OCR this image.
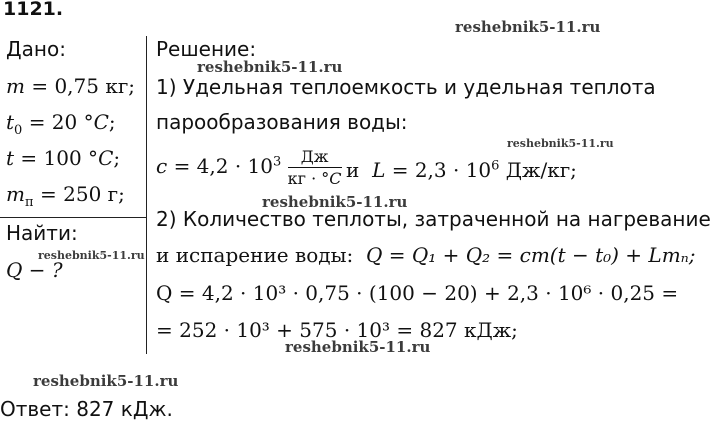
1121.
reshebnik5-11.ru
reshebnik5-11.ru
reshebnik5-11.ru
reshebnik5-11.ru
reshebnik5-11.ru
reshebnik5-11.ru
reshebnik5-11.ru
Дано:
m = 0,75 кг;
$t_0 = 20$ °C;
t = 100 °C;
$m_п = 250$ г;
Найти:
Q − ?
Решение:
1) Удельная теплоемкость и удельная теплота
парообразования воды:
$c = 4,2 \cdot 10^3 \frac{Дж}{кг \cdot ^\circ C}$ и $L = 2,3 \cdot 10^6$ Дж/кг;
2) Количество теплоты, затраченной на нагревание
и испарение воды: Q = Q₁ + Q₂ = cm(t − t₀) + Lmₙ;
Q = 4,2 · 10³ · 0,75 · (100 − 20) + 2,3 · 10⁶ · 0,25 =
= 252 · 10³ + 575 · 10³ = 827 кДж;
Ответ: 827 кДж.
